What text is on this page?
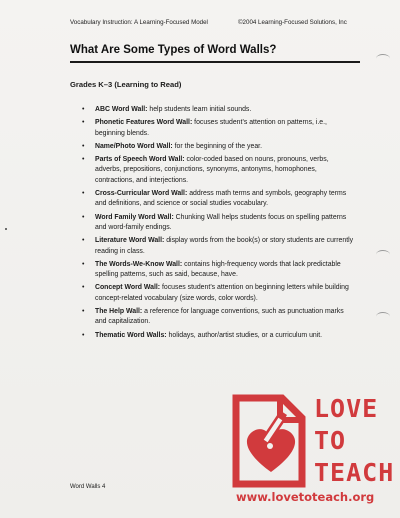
Vocabulary Instruction: A Learning-Focused Model	©2004 Learning-Focused Solutions, Inc
What Are Some Types of Word Walls?
Grades K–3 (Learning to Read)
• ABC Word Wall: help students learn initial sounds.
• Phonetic Features Word Wall: focuses student’s attention on patterns, i.e., beginning blends.
• Name/Photo Word Wall: for the beginning of the year.
• Parts of Speech Word Wall: color-coded based on nouns, pronouns, verbs, adverbs, prepositions, conjunctions, synonyms, antonyms, homophones, contractions, and interjections.
• Cross-Curricular Word Wall: address math terms and symbols, geography terms and definitions, and science or social studies vocabulary.
• Word Family Word Wall: Chunking Wall helps students focus on spelling patterns and word-family endings.
• Literature Word Wall: display words from the book(s) or story students are currently reading in class.
• The Words-We-Know Wall: contains high-frequency words that lack predictable spelling patterns, such as said, because, have.
• Concept Word Wall: focuses student’s attention on beginning letters while building concept-related vocabulary (size words, color words).
• The Help Wall: a reference for language conventions, such as punctuation marks and capitalization.
• Thematic Word Walls: holidays, author/artist studies, or a curriculum unit.
Word Walls 4
LOVE
TO
TEACH
www.lovetoteach.org
